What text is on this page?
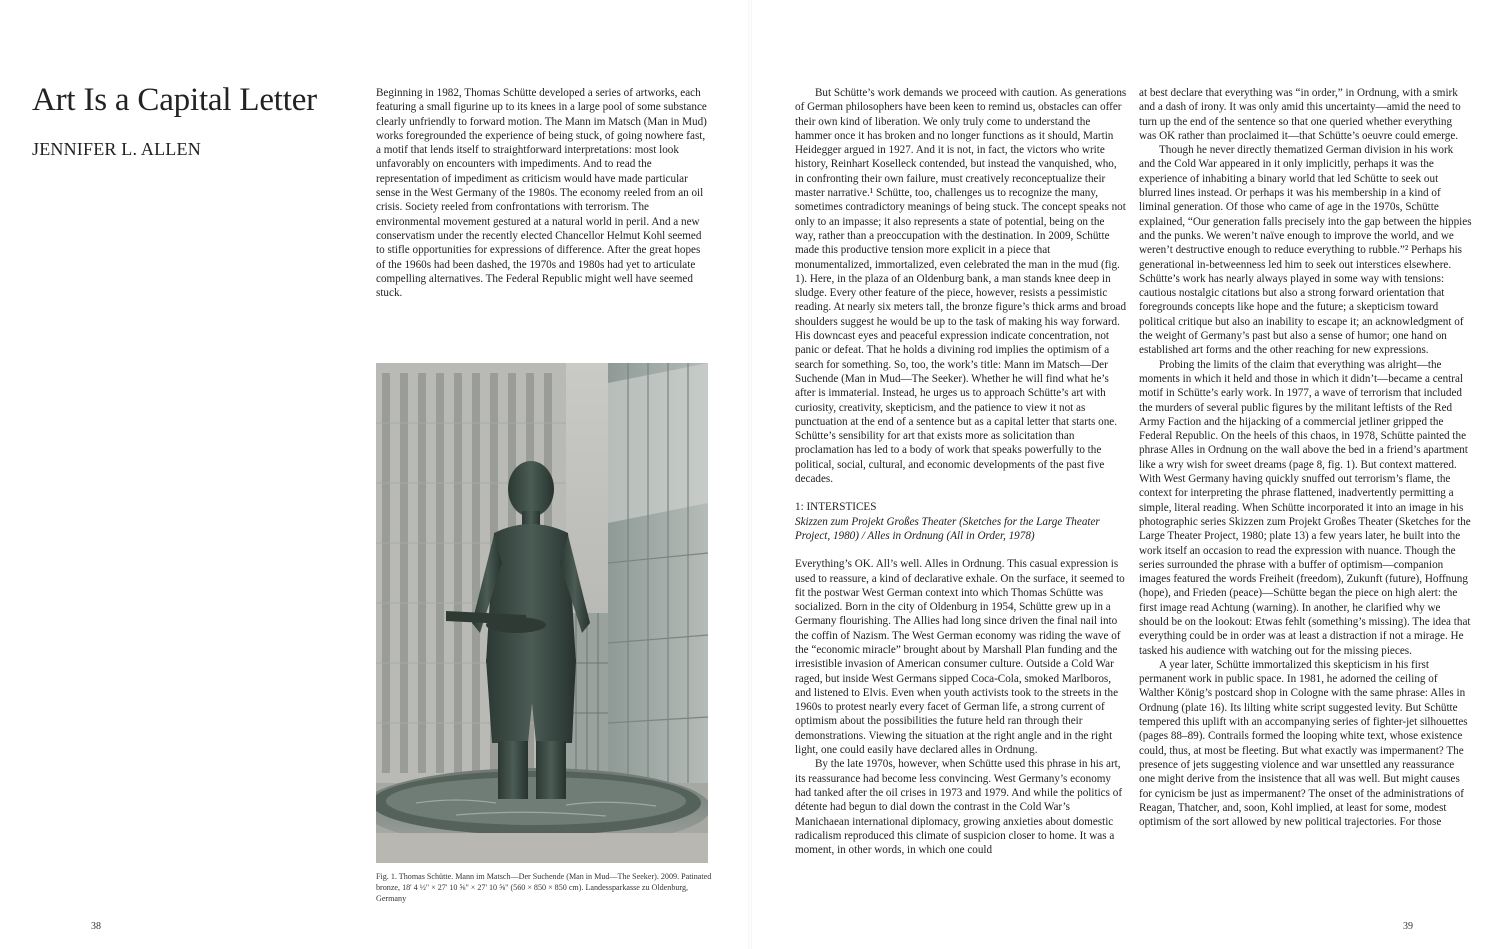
Art Is a Capital Letter
JENNIFER L. ALLEN

Beginning in 1982, Thomas Schütte developed a series of artworks, each featuring a small figurine up to its knees in a large pool of some substance clearly unfriendly to forward motion. The Mann im Matsch (Man in Mud) works foregrounded the experience of being stuck, of going nowhere fast, a motif that lends itself to straightforward interpretations: most look unfavorably on encounters with impediments. And to read the representation of impediment as criticism would have made particular sense in the West Germany of the 1980s. The economy reeled from an oil crisis. Society reeled from confrontations with terrorism. The environmental movement gestured at a natural world in peril. And a new conservatism under the recently elected Chancellor Helmut Kohl seemed to stifle opportunities for expressions of difference. After the great hopes of the 1960s had been dashed, the 1970s and 1980s had yet to articulate compelling alternatives. The Federal Republic might well have seemed stuck.

Fig. 1. Thomas Schütte. Mann im Matsch—Der Suchende (Man in Mud—The Seeker). 2009. Patinated bronze, 18' 4 ½" × 27' 10 ⅝" × 27' 10 ⅝" (560 × 850 × 850 cm). Landessparkasse zu Oldenburg, Germany

But Schütte’s work demands we proceed with caution. As generations of German philosophers have been keen to remind us, obstacles can offer their own kind of liberation. We only truly come to understand the hammer once it has broken and no longer functions as it should, Martin Heidegger argued in 1927. And it is not, in fact, the victors who write history, Reinhart Koselleck contended, but instead the vanquished, who, in confronting their own failure, must creatively reconceptualize their master narrative.¹ Schütte, too, challenges us to recognize the many, sometimes contradictory meanings of being stuck. The concept speaks not only to an impasse; it also represents a state of potential, being on the way, rather than a preoccupation with the destination. In 2009, Schütte made this productive tension more explicit in a piece that monumentalized, immortalized, even celebrated the man in the mud (fig. 1). Here, in the plaza of an Oldenburg bank, a man stands knee deep in sludge. Every other feature of the piece, however, resists a pessimistic reading. At nearly six meters tall, the bronze figure’s thick arms and broad shoulders suggest he would be up to the task of making his way forward. His downcast eyes and peaceful expression indicate concentration, not panic or defeat. That he holds a divining rod implies the optimism of a search for something. So, too, the work’s title: Mann im Matsch—Der Suchende (Man in Mud—The Seeker). Whether he will find what he’s after is immaterial. Instead, he urges us to approach Schütte’s art with curiosity, creativity, skepticism, and the patience to view it not as punctuation at the end of a sentence but as a capital letter that starts one. Schütte’s sensibility for art that exists more as solicitation than proclamation has led to a body of work that speaks powerfully to the political, social, cultural, and economic developments of the past five decades.

1: INTERSTICES
Skizzen zum Projekt Großes Theater (Sketches for the Large Theater Project, 1980) / Alles in Ordnung (All in Order, 1978)

Everything’s OK. All’s well. Alles in Ordnung. This casual expression is used to reassure, a kind of declarative exhale. On the surface, it seemed to fit the postwar West German context into which Thomas Schütte was socialized. Born in the city of Oldenburg in 1954, Schütte grew up in a Germany flourishing. The Allies had long since driven the final nail into the coffin of Nazism. The West German economy was riding the wave of the “economic miracle” brought about by Marshall Plan funding and the irresistible invasion of American consumer culture. Outside a Cold War raged, but inside West Germans sipped Coca-Cola, smoked Marlboros, and listened to Elvis. Even when youth activists took to the streets in the 1960s to protest nearly every facet of German life, a strong current of optimism about the possibilities the future held ran through their demonstrations. Viewing the situation at the right angle and in the right light, one could easily have declared alles in Ordnung.

By the late 1970s, however, when Schütte used this phrase in his art, its reassurance had become less convincing. West Germany’s economy had tanked after the oil crises in 1973 and 1979. And while the politics of détente had begun to dial down the contrast in the Cold War’s Manichaean international diplomacy, growing anxieties about domestic radicalism reproduced this climate of suspicion closer to home. It was a moment, in other words, in which one could

at best declare that everything was “in order,” in Ordnung, with a smirk and a dash of irony. It was only amid this uncertainty—amid the need to turn up the end of the sentence so that one queried whether everything was OK rather than proclaimed it—that Schütte’s oeuvre could emerge.

Though he never directly thematized German division in his work and the Cold War appeared in it only implicitly, perhaps it was the experience of inhabiting a binary world that led Schütte to seek out blurred lines instead. Or perhaps it was his membership in a kind of liminal generation. Of those who came of age in the 1970s, Schütte explained, “Our generation falls precisely into the gap between the hippies and the punks. We weren’t naïve enough to improve the world, and we weren’t destructive enough to reduce everything to rubble.”² Perhaps his generational in-betweenness led him to seek out interstices elsewhere. Schütte’s work has nearly always played in some way with tensions: cautious nostalgic citations but also a strong forward orientation that foregrounds concepts like hope and the future; a skepticism toward political critique but also an inability to escape it; an acknowledgment of the weight of Germany’s past but also a sense of humor; one hand on established art forms and the other reaching for new expressions.

Probing the limits of the claim that everything was alright—the moments in which it held and those in which it didn’t—became a central motif in Schütte’s early work. In 1977, a wave of terrorism that included the murders of several public figures by the militant leftists of the Red Army Faction and the hijacking of a commercial jetliner gripped the Federal Republic. On the heels of this chaos, in 1978, Schütte painted the phrase Alles in Ordnung on the wall above the bed in a friend’s apartment like a wry wish for sweet dreams (page 8, fig. 1). But context mattered. With West Germany having quickly snuffed out terrorism’s flame, the context for interpreting the phrase flattened, inadvertently permitting a simple, literal reading. When Schütte incorporated it into an image in his photographic series Skizzen zum Projekt Großes Theater (Sketches for the Large Theater Project, 1980; plate 13) a few years later, he built into the work itself an occasion to read the expression with nuance. Though the series surrounded the phrase with a buffer of optimism—companion images featured the words Freiheit (freedom), Zukunft (future), Hoffnung (hope), and Frieden (peace)—Schütte began the piece on high alert: the first image read Achtung (warning). In another, he clarified why we should be on the lookout: Etwas fehlt (something’s missing). The idea that everything could be in order was at least a distraction if not a mirage. He tasked his audience with watching out for the missing pieces.

A year later, Schütte immortalized this skepticism in his first permanent work in public space. In 1981, he adorned the ceiling of Walther König’s postcard shop in Cologne with the same phrase: Alles in Ordnung (plate 16). Its lilting white script suggested levity. But Schütte tempered this uplift with an accompanying series of fighter-jet silhouettes (pages 88–89). Contrails formed the looping white text, whose existence could, thus, at most be fleeting. But what exactly was impermanent? The presence of jets suggesting violence and war unsettled any reassurance one might derive from the insistence that all was well. But might causes for cynicism be just as impermanent? The onset of the administrations of Reagan, Thatcher, and, soon, Kohl implied, at least for some, modest optimism of the sort allowed by new political trajectories. For those

38	39
